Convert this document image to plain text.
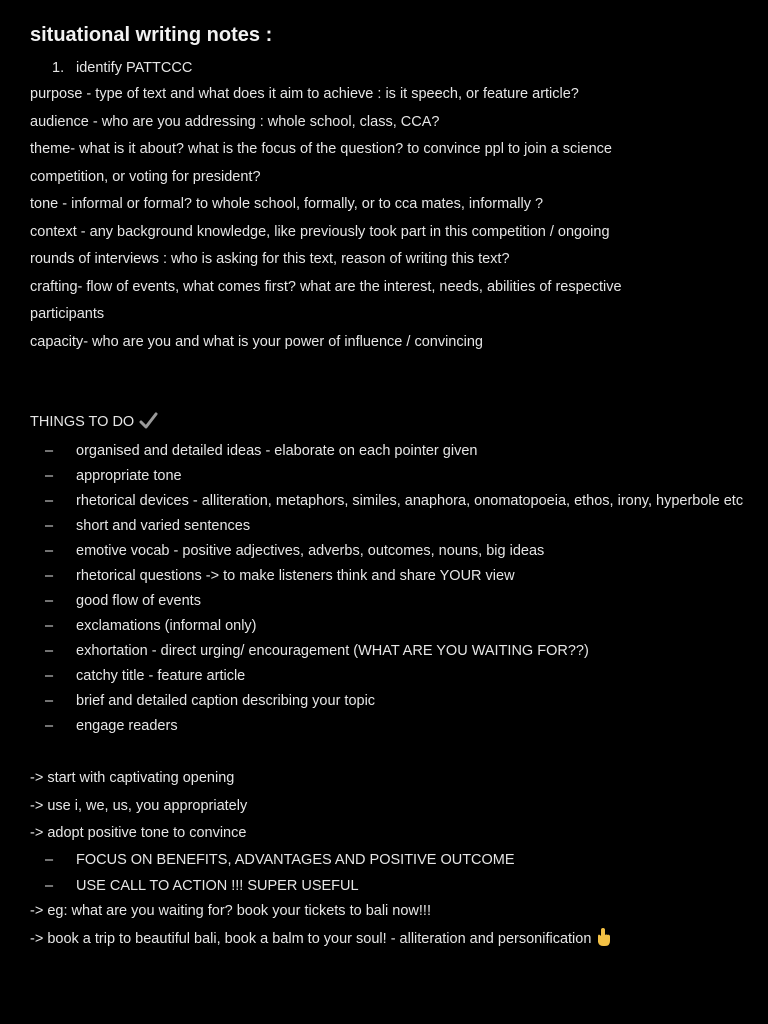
situational writing notes :
1. identify PATTCCC
purpose - type of text and what does it aim to achieve : is it speech, or feature article?
audience - who are you addressing : whole school, class, CCA?
theme- what is it about? what is the focus of the question? to convince ppl to join a science
competition, or voting for president?
tone - informal or formal? to whole school, formally, or to cca mates, informally ?
context - any background knowledge, like previously took part in this competition / ongoing
rounds of interviews : who is asking for this text, reason of writing this text?
crafting- flow of events, what comes first? what are the interest, needs, abilities of respective
participants
capacity- who are you and what is your power of influence / convincing
THINGS TO DO
– organised and detailed ideas - elaborate on each pointer given
– appropriate tone
– rhetorical devices - alliteration, metaphors, similes, anaphora, onomatopoeia, ethos, irony, hyperbole etc
– short and varied sentences
– emotive vocab - positive adjectives, adverbs, outcomes, nouns, big ideas
– rhetorical questions -> to make listeners think and share YOUR view
– good flow of events
– exclamations (informal only)
– exhortation - direct urging/ encouragement (WHAT ARE YOU WAITING FOR??)
– catchy title - feature article
– brief and detailed caption describing your topic
– engage readers
-> start with captivating opening
-> use i, we, us, you appropriately
-> adopt positive tone to convince
– FOCUS ON BENEFITS, ADVANTAGES AND POSITIVE OUTCOME
– USE CALL TO ACTION !!! SUPER USEFUL
-> eg: what are you waiting for? book your tickets to bali now!!!
-> book a trip to beautiful bali, book a balm to your soul! - alliteration and personification
